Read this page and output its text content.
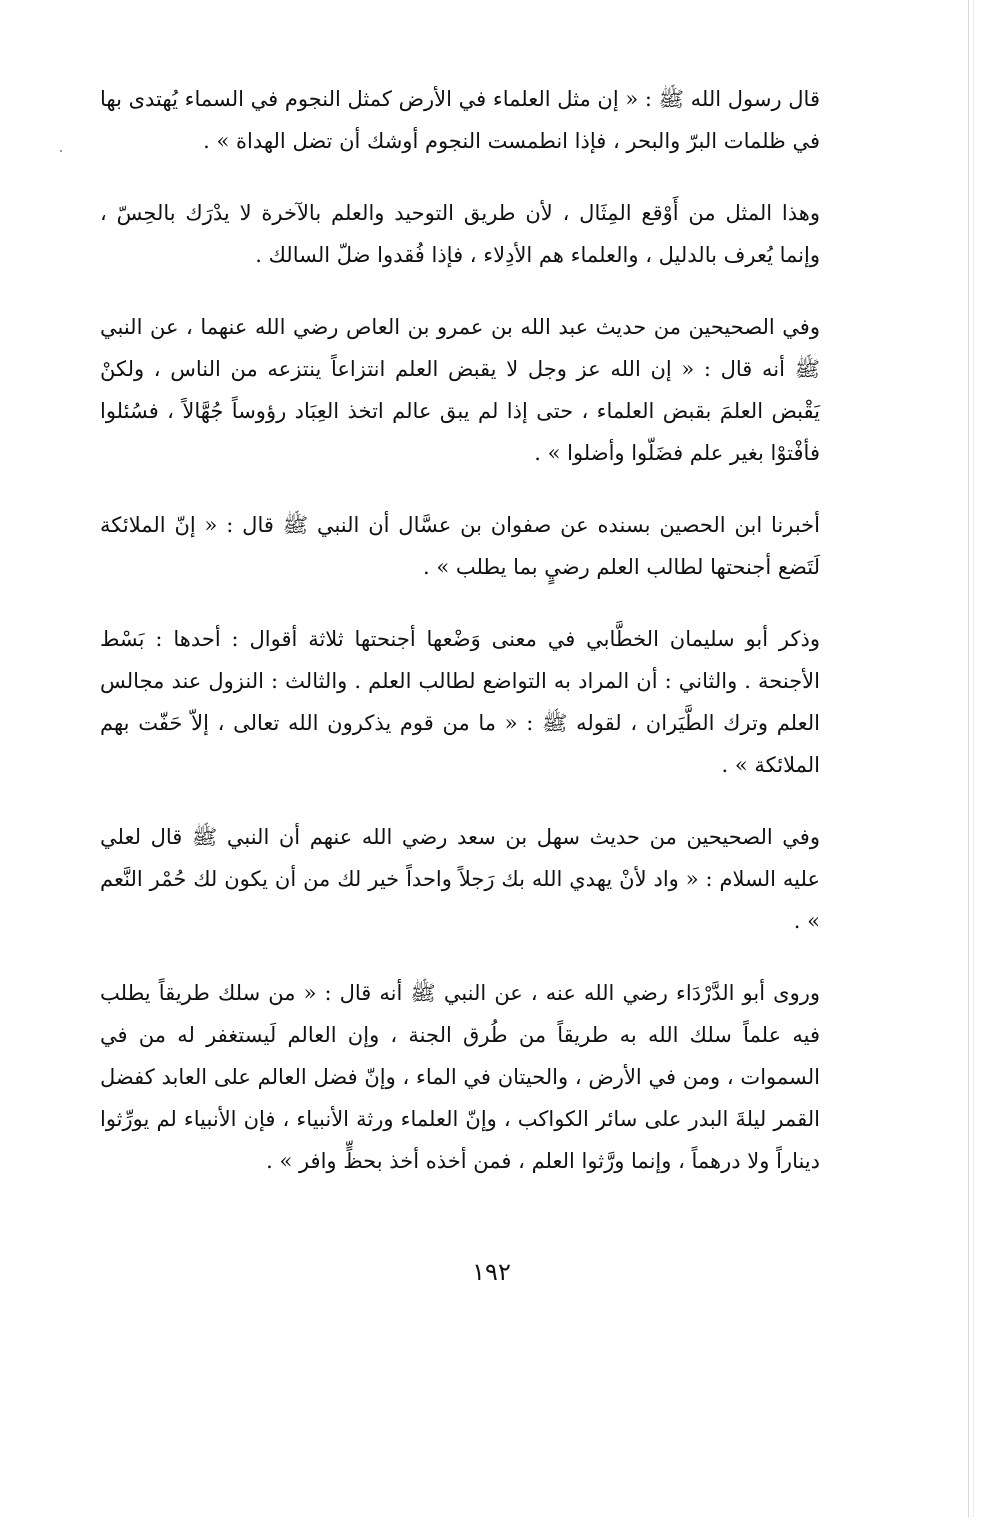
قال رسول الله ﷺ : « إن مثل العلماء في الأرض كمثل النجوم في السماء يُهتدى بها في ظلمات البرّ والبحر ، فإذا انطمست النجوم أوشك أن تضل الهداة » .

وهذا المثل من أَوْقع المِثَال ، لأن طريق التوحيد والعلم بالآخرة لا يدْرَك بالحِسّ ، وإنما يُعرف بالدليل ، والعلماء هم الأدِلاء ، فإذا فُقدوا ضلّ السالك .

وفي الصحيحين من حديث عبد الله بن عمرو بن العاص رضي الله عنهما ، عن النبي ﷺ أنه قال : « إن الله عز وجل لا يقبض العلم انتزاعاً ينتزعه من الناس ، ولكنْ يَقْبض العلمَ بقبض العلماء ، حتى إذا لم يبق عالم اتخذ العِبَاد رؤوساً جُهَّالاً ، فسُئلوا فأفْتوْا بغير علم فضَلّوا وأضلوا » .

أخبرنا ابن الحصين بسنده عن صفوان بن عسَّال أن النبي ﷺ قال : « إنّ الملائكة لَتَضع أجنحتها لطالب العلم رضيٍ بما يطلب » .

وذكر أبو سليمان الخطَّابي في معنى وَضْعها أجنحتها ثلاثة أقوال : أحدها : بَسْط الأجنحة . والثاني : أن المراد به التواضع لطالب العلم . والثالث : النزول عند مجالس العلم وترك الطَّيَران ، لقوله ﷺ : « ما من قوم يذكرون الله تعالى ، إلاّ حَفّت بهم الملائكة » .

وفي الصحيحين من حديث سهل بن سعد رضي الله عنهم أن النبي ﷺ قال لعلي عليه السلام : « واد لأنْ يهدي الله بك رَجلاً واحداً خير لك من أن يكون لك حُمْر النَّعم » .

وروى أبو الدَّرْدَاء رضي الله عنه ، عن النبي ﷺ أنه قال : « من سلك طريقاً يطلب فيه علماً سلك الله به طريقاً من طُرق الجنة ، وإن العالم لَيستغفر له من في السموات ، ومن في الأرض ، والحيتان في الماء ، وإنّ فضل العالم على العابد كفضل القمر ليلةَ البدر على سائر الكواكب ، وإنّ العلماء ورثة الأنبياء ، فإن الأنبياء لم يورِّثوا ديناراً ولا درهماً ، وإنما ورَّثوا العلم ، فمن أخذه أخذ بحظٍّ وافر » .

١٩٢
